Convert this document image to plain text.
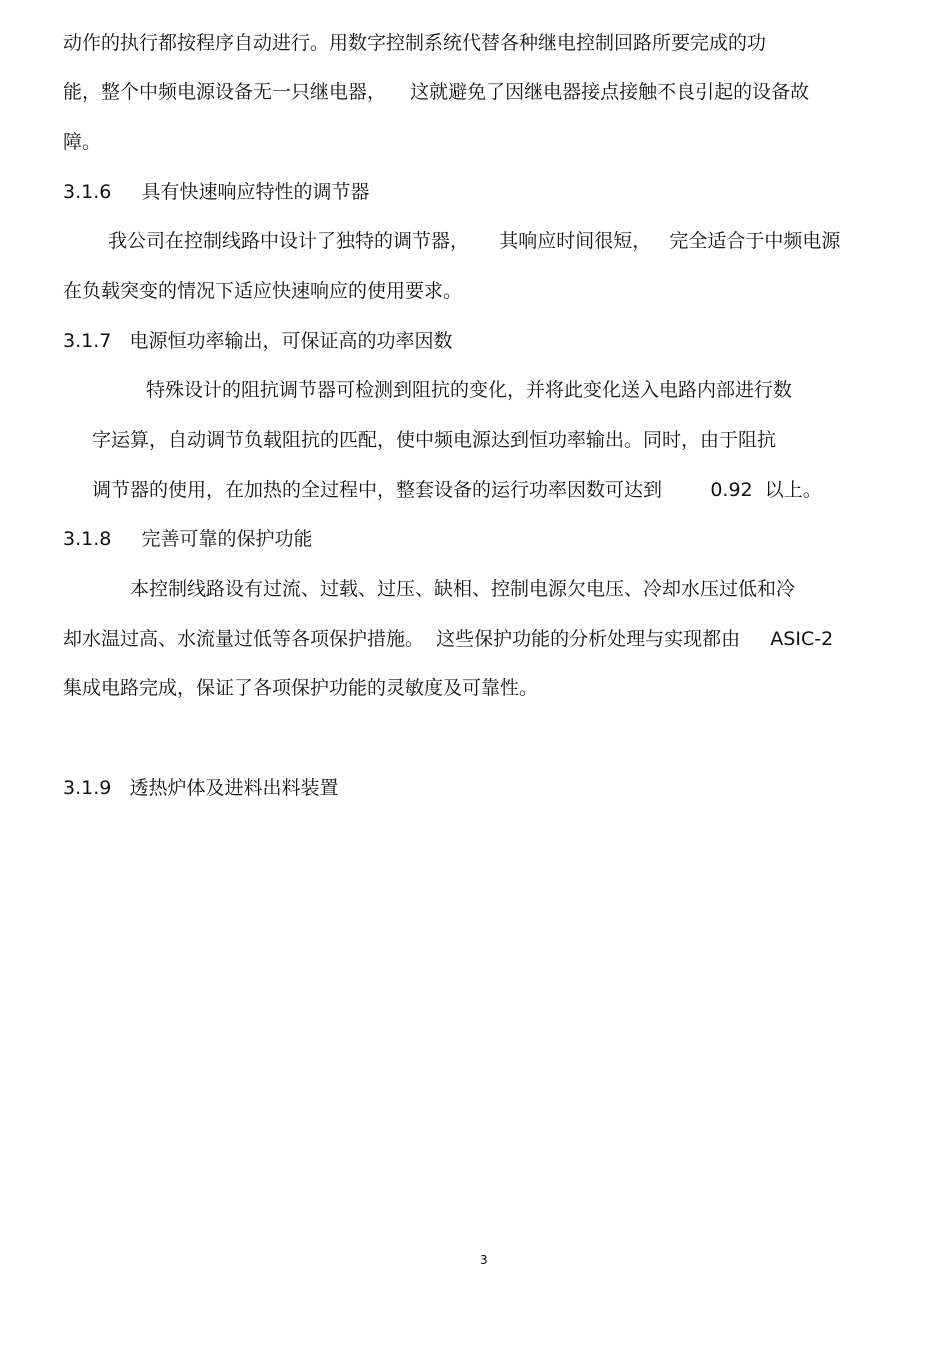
动作的执行都按程序自动进行。用数字控制系统代替各种继电控制回路所要完成的功
能，整个中频电源设备无一只继电器，    这就避免了因继电器接点接触不良引起的设备故
障。
3.1.6     具有快速响应特性的调节器
我公司在控制线路中设计了独特的调节器，     其响应时间很短，   完全适合于中频电源
在负载突变的情况下适应快速响应的使用要求。
3.1.7   电源恒功率输出，可保证高的功率因数
特殊设计的阻抗调节器可检测到阻抗的变化，并将此变化送入电路内部进行数
字运算，自动调节负载阻抗的匹配，使中频电源达到恒功率输出。同时，由于阻抗
调节器的使用，在加热的全过程中，整套设备的运行功率因数可达到        0.92  以上。
3.1.8     完善可靠的保护功能
本控制线路设有过流、过载、过压、缺相、控制电源欠电压、冷却水压过低和冷
却水温过高、水流量过低等各项保护措施。  这些保护功能的分析处理与实现都由     ASIC-2
集成电路完成，保证了各项保护功能的灵敏度及可靠性。
3.1.9   透热炉体及进料出料装置
3
